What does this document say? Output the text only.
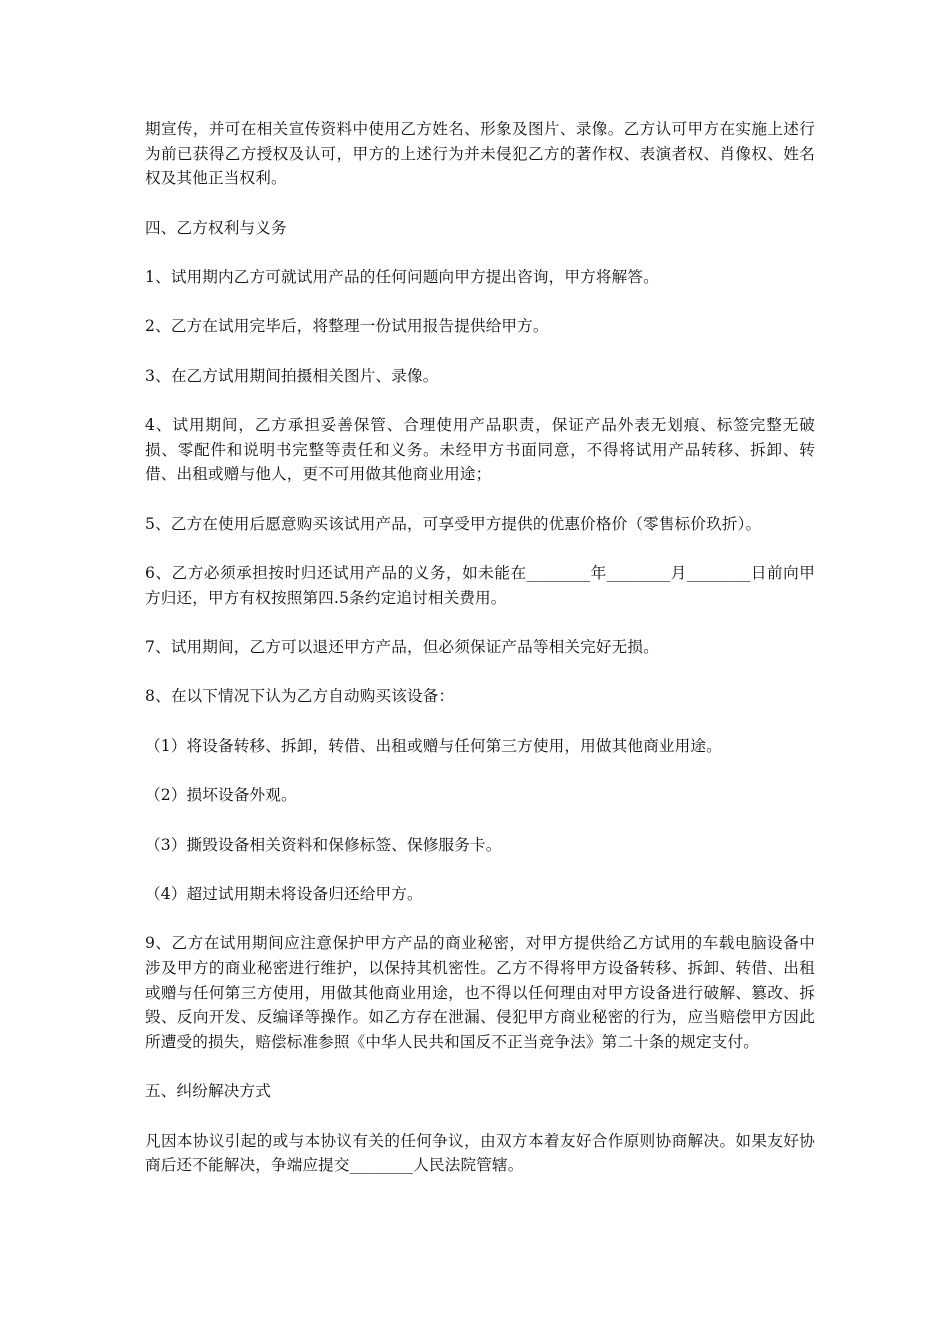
期宣传，并可在相关宣传资料中使用乙方姓名、形象及图片、录像。乙方认可甲方在实施上述行为前已获得乙方授权及认可，甲方的上述行为并未侵犯乙方的著作权、表演者权、肖像权、姓名权及其他正当权利。

四、乙方权利与义务

1、试用期内乙方可就试用产品的任何问题向甲方提出咨询，甲方将解答。

2、乙方在试用完毕后，将整理一份试用报告提供给甲方。

3、在乙方试用期间拍摄相关图片、录像。

4、试用期间，乙方承担妥善保管、合理使用产品职责，保证产品外表无划痕、标签完整无破损、零配件和说明书完整等责任和义务。未经甲方书面同意，不得将试用产品转移、拆卸、转借、出租或赠与他人，更不可用做其他商业用途；

5、乙方在使用后愿意购买该试用产品，可享受甲方提供的优惠价格价（零售标价玖折）。

6、乙方必须承担按时归还试用产品的义务，如未能在________年________月________日前向甲方归还，甲方有权按照第四.5条约定追讨相关费用。

7、试用期间，乙方可以退还甲方产品，但必须保证产品等相关完好无损。

8、在以下情况下认为乙方自动购买该设备：

（1）将设备转移、拆卸，转借、出租或赠与任何第三方使用，用做其他商业用途。

（2）损坏设备外观。

（3）撕毁设备相关资料和保修标签、保修服务卡。

（4）超过试用期未将设备归还给甲方。

9、乙方在试用期间应注意保护甲方产品的商业秘密，对甲方提供给乙方试用的车载电脑设备中涉及甲方的商业秘密进行维护，以保持其机密性。乙方不得将甲方设备转移、拆卸、转借、出租或赠与任何第三方使用，用做其他商业用途，也不得以任何理由对甲方设备进行破解、篡改、拆毁、反向开发、反编译等操作。如乙方存在泄漏、侵犯甲方商业秘密的行为，应当赔偿甲方因此所遭受的损失，赔偿标准参照《中华人民共和国反不正当竞争法》第二十条的规定支付。

五、纠纷解决方式

凡因本协议引起的或与本协议有关的任何争议，由双方本着友好合作原则协商解决。如果友好协商后还不能解决，争端应提交________人民法院管辖。
